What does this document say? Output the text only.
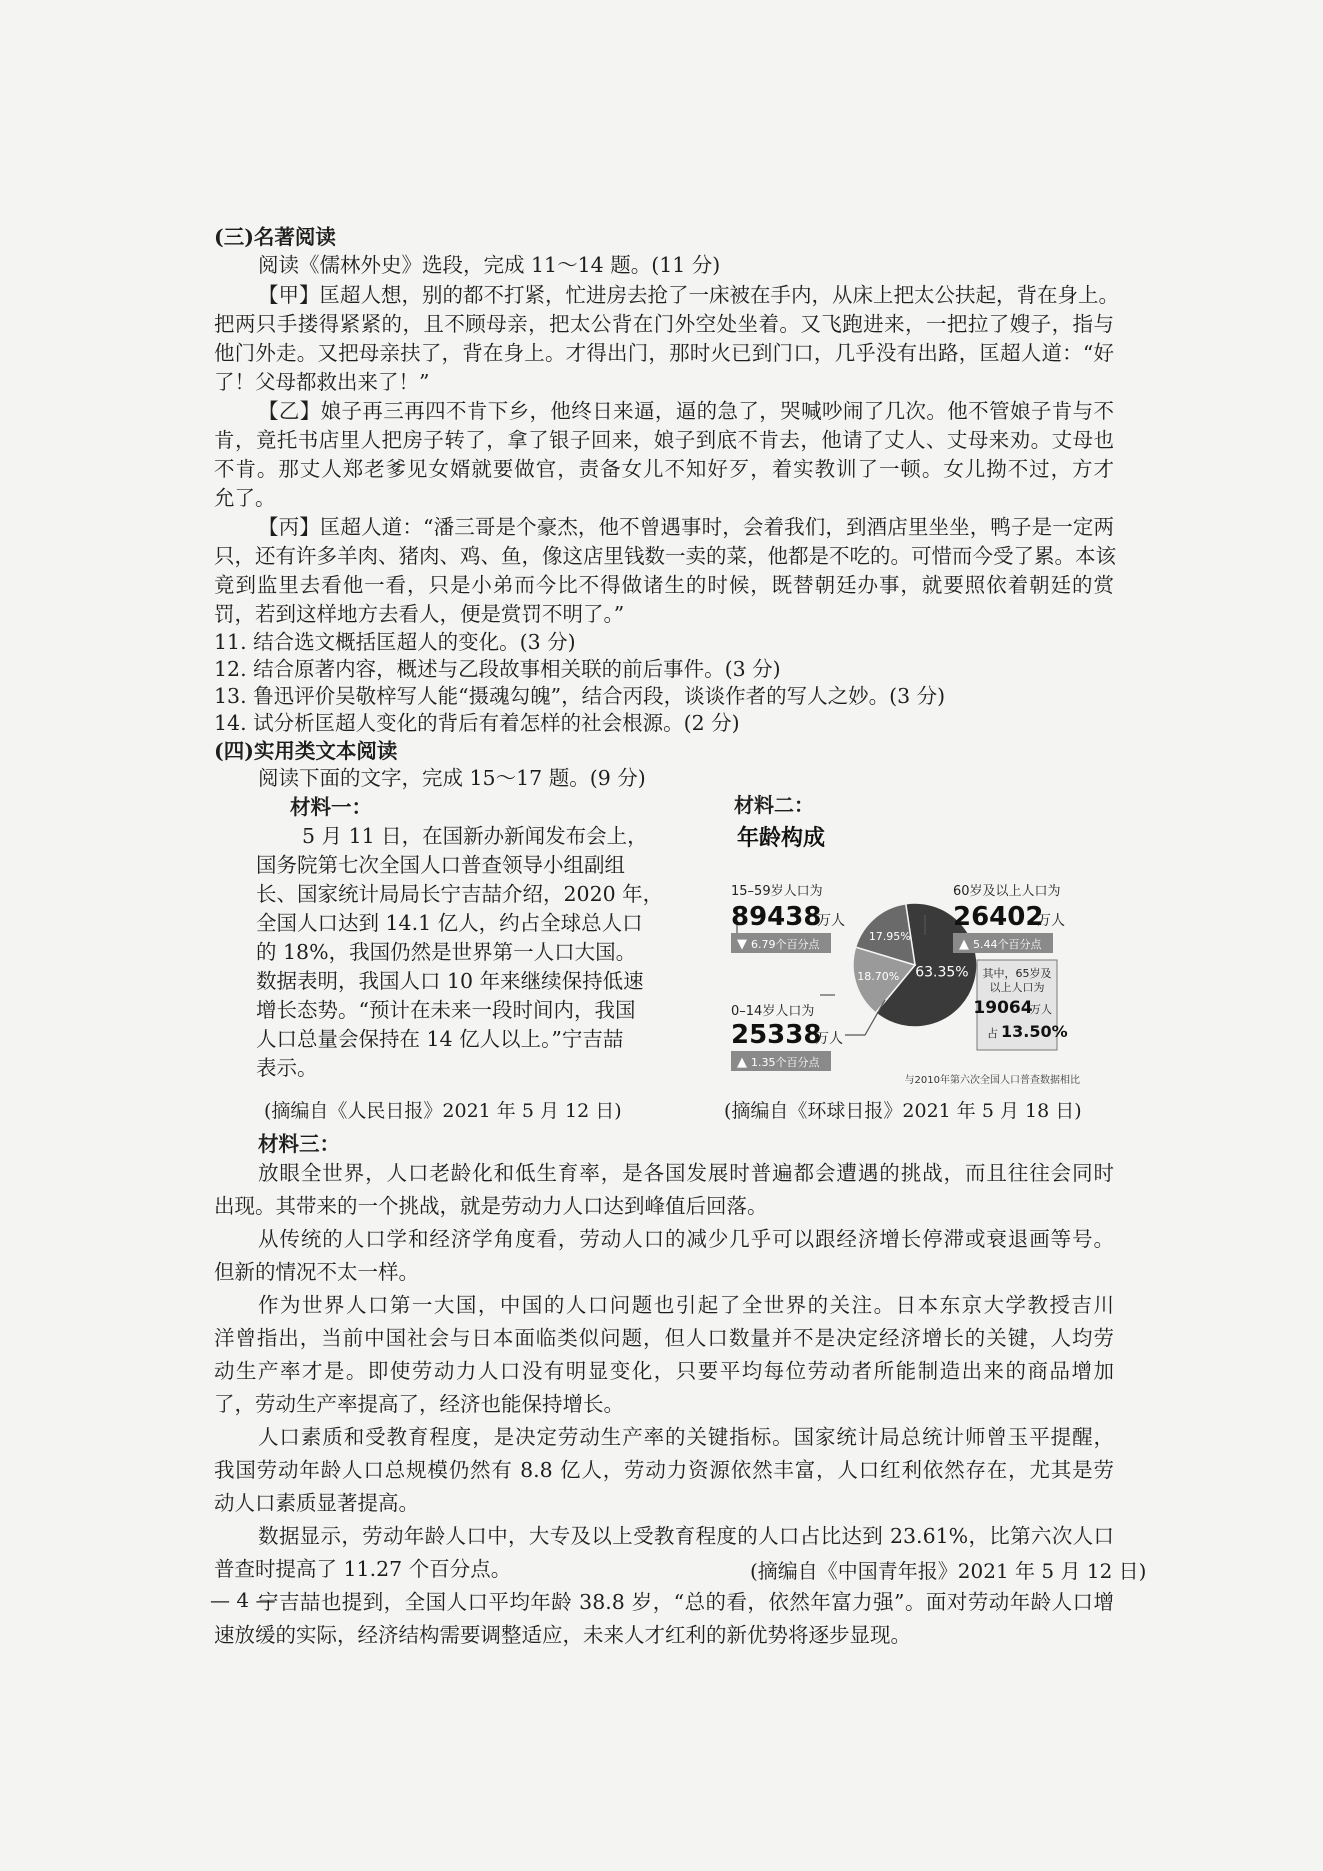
(三)名著阅读
阅读《儒林外史》选段，完成 11～14 题。(11 分)
【甲】匡超人想，别的都不打紧，忙进房去抢了一床被在手内，从床上把太公扶起，背在身上。
把两只手搂得紧紧的，且不顾母亲，把太公背在门外空处坐着。又飞跑进来，一把拉了嫂子，指与
他门外走。又把母亲扶了，背在身上。才得出门，那时火已到门口，几乎没有出路，匡超人道：“好
了！父母都救出来了！”
【乙】娘子再三再四不肯下乡，他终日来逼，逼的急了，哭喊吵闹了几次。他不管娘子肯与不
肯，竟托书店里人把房子转了，拿了银子回来，娘子到底不肯去，他请了丈人、丈母来劝。丈母也
不肯。那丈人郑老爹见女婿就要做官，责备女儿不知好歹，着实教训了一顿。女儿拗不过，方才
允了。
【丙】匡超人道：“潘三哥是个豪杰，他不曾遇事时，会着我们，到酒店里坐坐，鸭子是一定两
只，还有许多羊肉、猪肉、鸡、鱼，像这店里钱数一卖的菜，他都是不吃的。可惜而今受了累。本该
竟到监里去看他一看，只是小弟而今比不得做诸生的时候，既替朝廷办事，就要照依着朝廷的赏
罚，若到这样地方去看人，便是赏罚不明了。”
11. 结合选文概括匡超人的变化。(3 分)
12. 结合原著内容，概述与乙段故事相关联的前后事件。(3 分)
13. 鲁迅评价吴敬梓写人能“摄魂勾魄”，结合丙段，谈谈作者的写人之妙。(3 分)
14. 试分析匡超人变化的背后有着怎样的社会根源。(2 分)
(四)实用类文本阅读
阅读下面的文字，完成 15～17 题。(9 分)
材料一：
5 月 11 日，在国新办新闻发布会上，
国务院第七次全国人口普查领导小组副组
长、国家统计局局长宁吉喆介绍，2020 年，
全国人口达到 14.1 亿人，约占全球总人口
的 18%，我国仍然是世界第一人口大国。
数据表明，我国人口 10 年来继续保持低速
增长态势。“预计在未来一段时间内，我国
人口总量会保持在 14 亿人以上。”宁吉喆
表示。
(摘编自《人民日报》2021 年 5 月 12 日)
材料二：
年龄构成
63.35%
18.70%
17.95%
15–59岁人口为
89438
万人
▼ 6.79个百分点
60岁及以上人口为
26402
万人
▲ 5.44个百分点
其中，65岁及
以上人口为
19064
万人
占 13.50%
0–14岁人口为
25338
万人
▲ 1.35个百分点
与2010年第六次全国人口普查数据相比
(摘编自《环球日报》2021 年 5 月 18 日)
材料三：
放眼全世界，人口老龄化和低生育率，是各国发展时普遍都会遭遇的挑战，而且往往会同时
出现。其带来的一个挑战，就是劳动力人口达到峰值后回落。
从传统的人口学和经济学角度看，劳动人口的减少几乎可以跟经济增长停滞或衰退画等号。
但新的情况不太一样。
作为世界人口第一大国，中国的人口问题也引起了全世界的关注。日本东京大学教授吉川
洋曾指出，当前中国社会与日本面临类似问题，但人口数量并不是决定经济增长的关键，人均劳
动生产率才是。即使劳动力人口没有明显变化，只要平均每位劳动者所能制造出来的商品增加
了，劳动生产率提高了，经济也能保持增长。
人口素质和受教育程度，是决定劳动生产率的关键指标。国家统计局总统计师曾玉平提醒，
我国劳动年龄人口总规模仍然有 8.8 亿人，劳动力资源依然丰富，人口红利依然存在，尤其是劳
动人口素质显著提高。
数据显示，劳动年龄人口中，大专及以上受教育程度的人口占比达到 23.61%，比第六次人口
普查时提高了 11.27 个百分点。
宁吉喆也提到，全国人口平均年龄 38.8 岁，“总的看，依然年富力强”。面对劳动年龄人口增
速放缓的实际，经济结构需要调整适应，未来人才红利的新优势将逐步显现。
(摘编自《中国青年报》2021 年 5 月 12 日)
— 4 —
